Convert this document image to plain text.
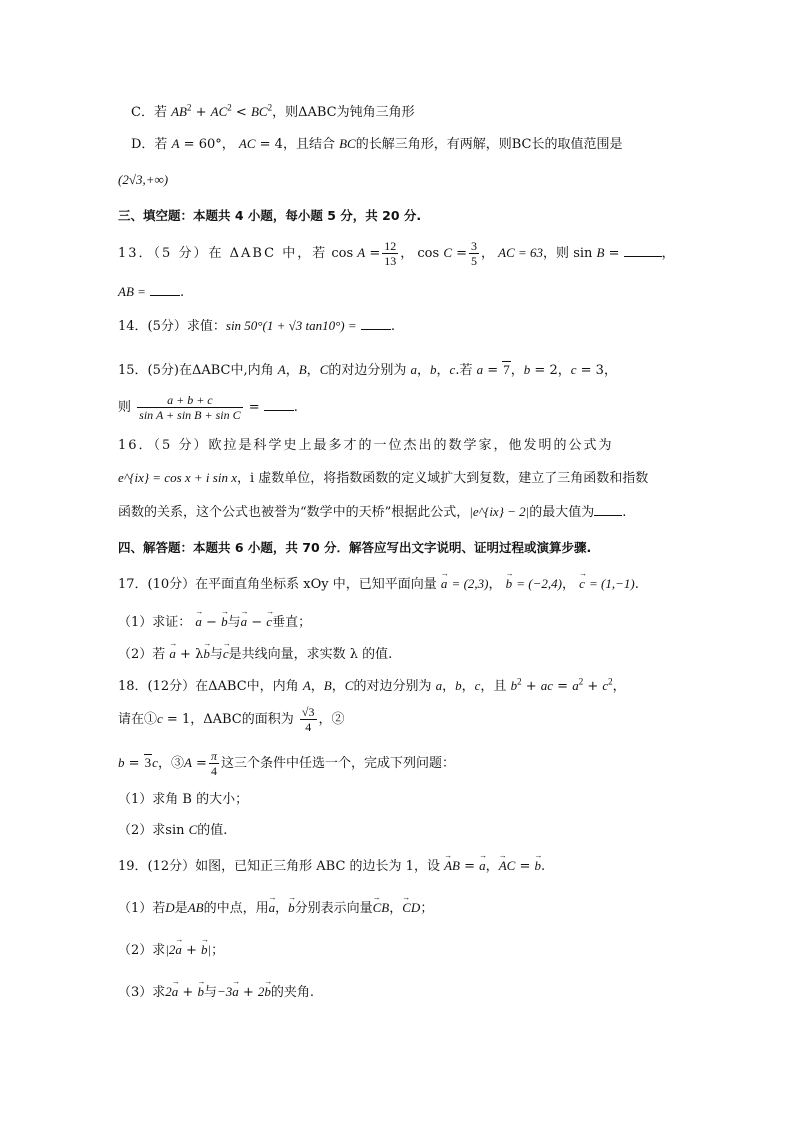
C．若 $AB^2 + AC^2 < BC^2$，则ΔABC为钝角三角形
D．若 A = 60°， AC = 4，且结合 BC的长解三角形，有两解，则BC长的取值范围是
(2√3,+∞)
三、填空题：本题共 4 小题，每小题 5 分，共 20 分.
13．（5 分）在 ΔABC 中，若 $\cos A = \frac{12}{13}$ ， $\cos C = \frac{3}{5}$ ， AC = 63，则 sin B =	，
AB =	.
14．(5分）求值：sin 50°(1 + √3 tan10°) =	.
15．(5分)在ΔABC中,内角 A，B，C的对边分别为 a，b，c.若 a = 7，b = 2，c = 3，
则 $\frac{a + b + c}{\text{sin A + sin B + sin C}}$ = .
16．（5 分）欧拉是科学史上最多才的一位杰出的数学家，他发明的公式为
e^{ix} = cos x + i sin x，i 虚数单位，将指数函数的定义域扩大到复数，建立了三角函数和指数
函数的关系，这个公式也被誉为“数学中的天桥”根据此公式，|e^{ix} − 2|的最大值为 .
四、解答题：本题共 6 小题，共 70 分．解答应写出文字说明、证明过程或演算步骤.
17．(10分）在平面直角坐标系 xOy 中，已知平面向量 → a = (2,3)， → b = (−2,4)， → c = (1,−1).
（1）求证： → a − → b与→ a − → c垂直；
（2）若 → a + λ→ b与→ c是共线向量，求实数 λ 的值.
18．(12分）在ΔABC中，内角 A，B，C的对边分别为 a，b，c，且 $b^2$ + ac = $a^2 + c^2$，
请在①c = 1，ΔABC的面积为 $\frac{√3}{4}$ ，②
b = 3c，③A = $\frac{\pi}{4}$ 这三个条件中任选一个，完成下列问题：
（1）求角 B 的大小；
（2）求sin C的值.
19．(12分）如图，已知正三角形 ABC 的边长为 1，设 → AB = → a，→ AC = → b.
（1）若D是AB的中点，用→ a，→ b分别表示向量→ CB，→ CD；
（2）求|2→ a + → b|；
（3）求2→ a + → b与−3→ a + 2→ b的夹角.
